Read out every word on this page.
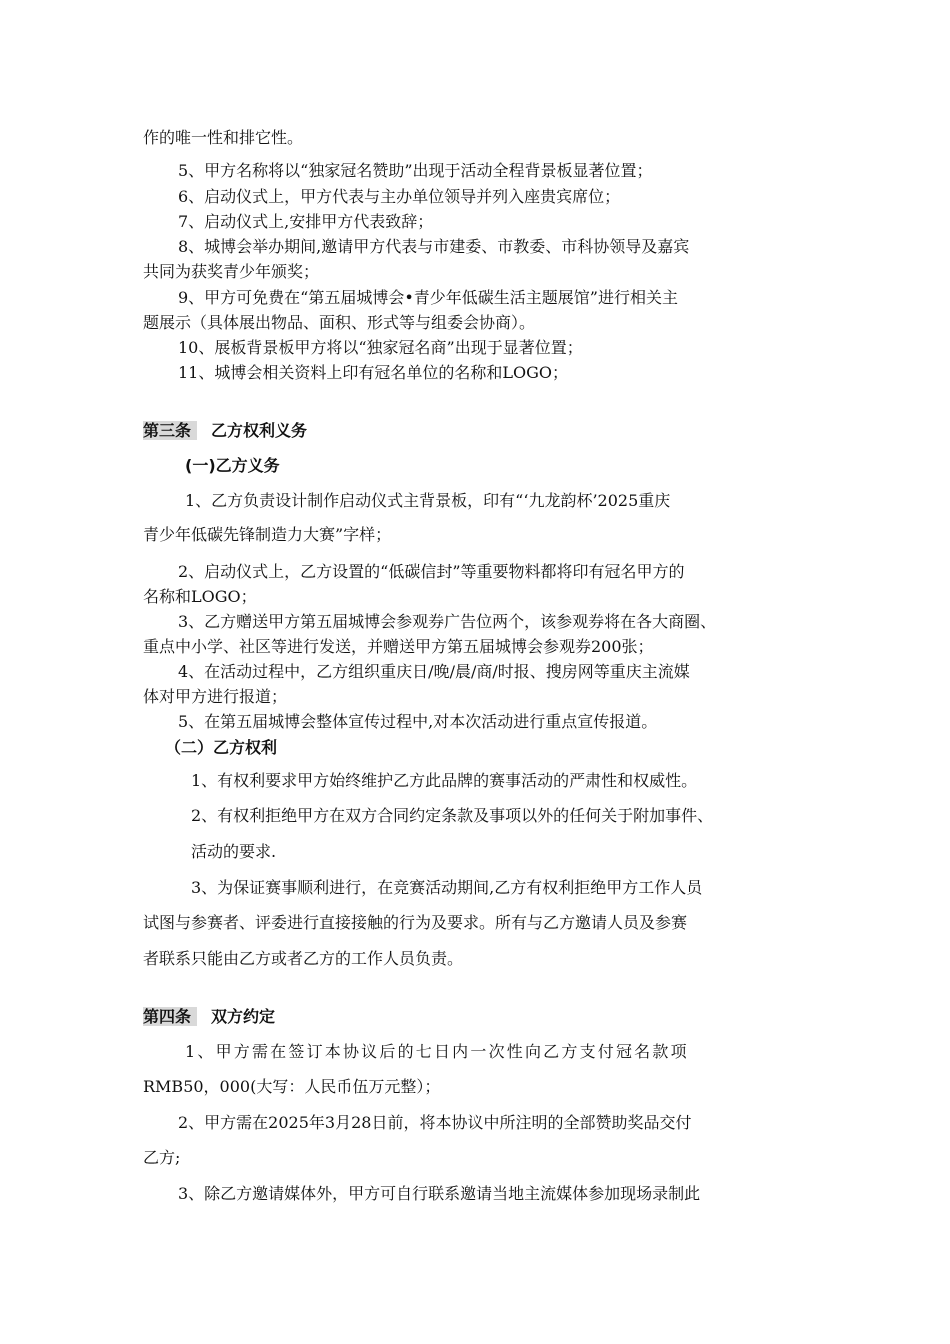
作的唯一性和排它性。
5、甲方名称将以“独家冠名赞助”出现于活动全程背景板显著位置；
6、启动仪式上，甲方代表与主办单位领导并列入座贵宾席位；
7、启动仪式上,安排甲方代表致辞；
8、城博会举办期间,邀请甲方代表与市建委、市教委、市科协领导及嘉宾
共同为获奖青少年颁奖；
9、甲方可免费在“第五届城博会•青少年低碳生活主题展馆”进行相关主
题展示（具体展出物品、面积、形式等与组委会协商）。
10、展板背景板甲方将以“独家冠名商”出现于显著位置；
11、城博会相关资料上印有冠名单位的名称和LOGO；
第三条 乙方权利义务
(一)乙方义务
1、乙方负责设计制作启动仪式主背景板，印有“‘九龙韵杯’2025重庆
青少年低碳先锋制造力大赛”字样；
2、启动仪式上，乙方设置的“低碳信封”等重要物料都将印有冠名甲方的
名称和LOGO；
3、乙方赠送甲方第五届城博会参观券广告位两个，该参观券将在各大商圈、
重点中小学、社区等进行发送，并赠送甲方第五届城博会参观券200张；
4、在活动过程中，乙方组织重庆日/晚/晨/商/时报、搜房网等重庆主流媒
体对甲方进行报道；
5、在第五届城博会整体宣传过程中,对本次活动进行重点宣传报道。
（二）乙方权利
1、有权利要求甲方始终维护乙方此品牌的赛事活动的严肃性和权威性。
2、有权利拒绝甲方在双方合同约定条款及事项以外的任何关于附加事件、
活动的要求.
3、为保证赛事顺利进行，在竞赛活动期间,乙方有权利拒绝甲方工作人员
试图与参赛者、评委进行直接接触的行为及要求。所有与乙方邀请人员及参赛
者联系只能由乙方或者乙方的工作人员负责。
第四条 双方约定
1、甲方需在签订本协议后的七日内一次性向乙方支付冠名款项
RMB50，000(大写：人民币伍万元整）；
2、甲方需在2025年3月28日前，将本协议中所注明的全部赞助奖品交付
乙方;
3、除乙方邀请媒体外，甲方可自行联系邀请当地主流媒体参加现场录制此
